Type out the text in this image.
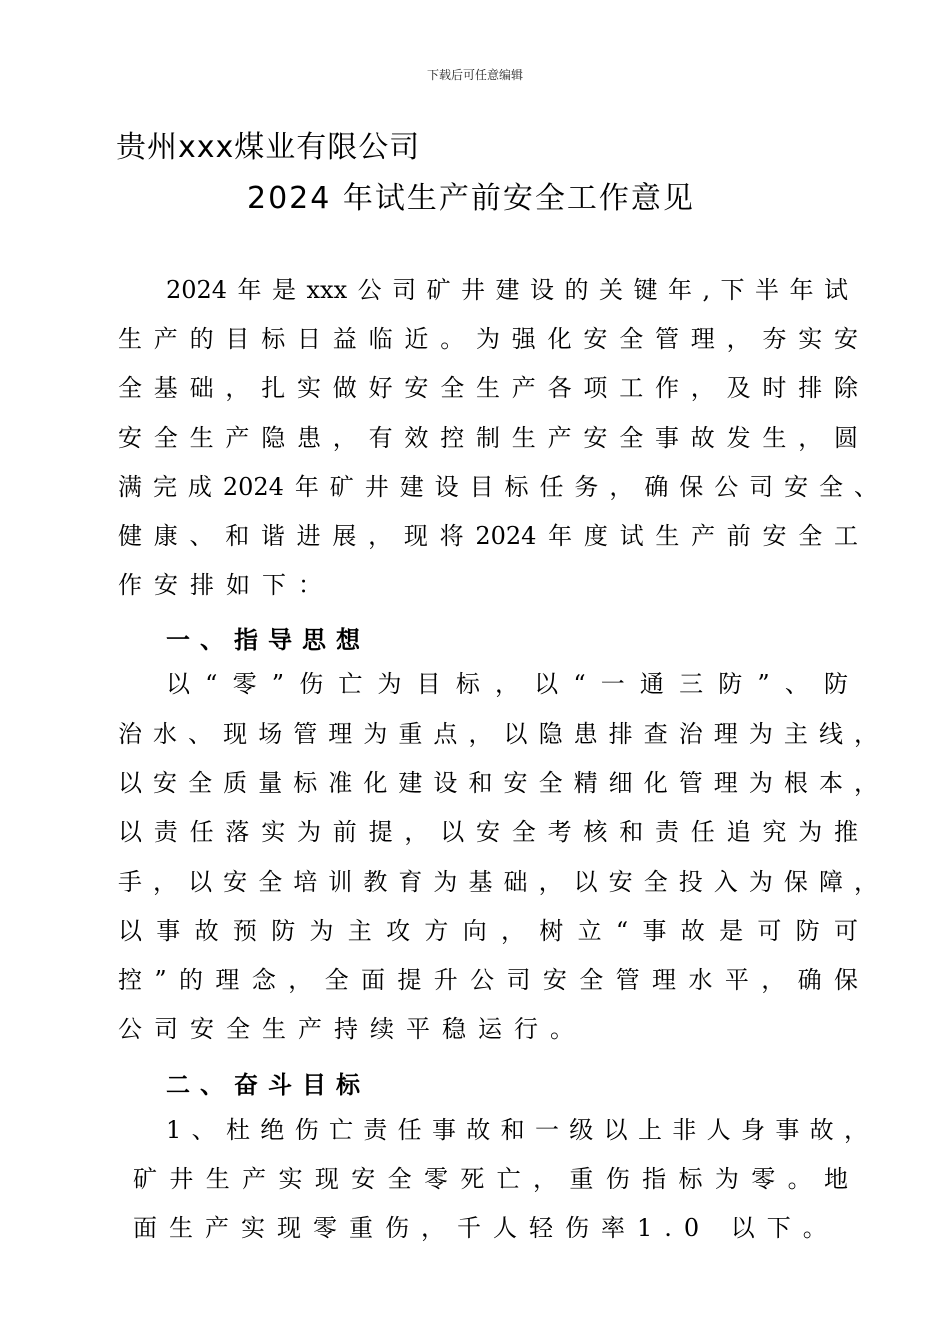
下载后可任意编辑
贵州xxx煤业有限公司
2024 年试生产前安全工作意见
2024年是xxx公司矿井建设的关键年,下半年试
生产的目标日益临近。为强化安全管理，夯实安
全基础，扎实做好安全生产各项工作，及时排除
安全生产隐患，有效控制生产安全事故发生，圆
满完成2024年矿井建设目标任务，确保公司安全、
健康、和谐进展，现将2024年度试生产前安全工
作安排如下：
一、指导思想
以“零”伤亡为目标，以“一通三防”、防
治水、现场管理为重点，以隐患排查治理为主线，
以安全质量标准化建设和安全精细化管理为根本，
以责任落实为前提，以安全考核和责任追究为推
手，以安全培训教育为基础，以安全投入为保障，
以事故预防为主攻方向，树立“事故是可防可
控”的理念，全面提升公司安全管理水平，确保
公司安全生产持续平稳运行。
二、奋斗目标
1、杜绝伤亡责任事故和一级以上非人身事故，
矿井生产实现安全零死亡，重伤指标为零。地
面生产实现零重伤，千人轻伤率1.0 以下。
